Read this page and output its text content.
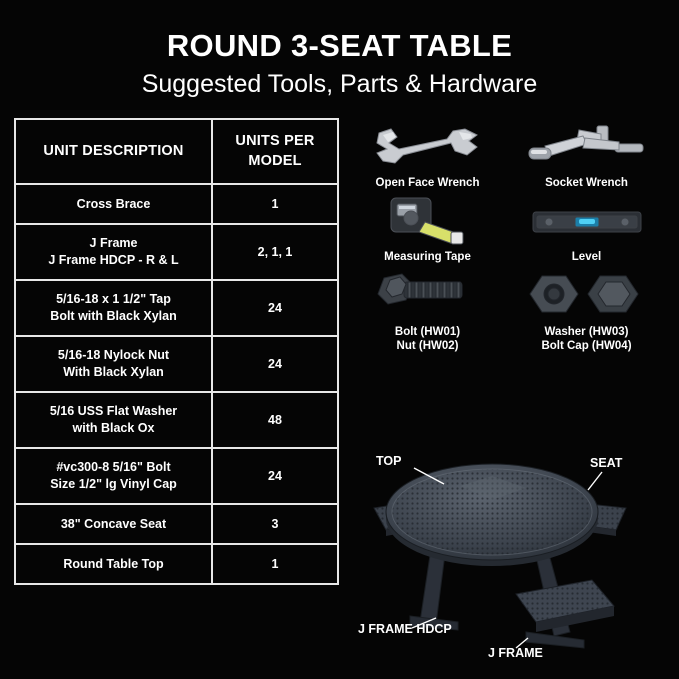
ROUND 3-SEAT TABLE
Suggested Tools, Parts & Hardware
UNIT DESCRIPTION	UNITS PER MODEL
Cross Brace	1
J Frame
J Frame HDCP - R & L	2, 1, 1
5/16-18 x 1 1/2" Tap
Bolt with Black Xylan	24
5/16-18 Nylock Nut
With Black Xylan	24
5/16 USS Flat Washer
with Black Ox	48
#vc300-8 5/16" Bolt
Size 1/2" lg Vinyl Cap	24
38" Concave Seat	3
Round Table Top	1
Open Face Wrench	Socket Wrench
Measuring Tape	Level
Bolt (HW01)
Nut (HW02)
Washer (HW03)
Bolt Cap (HW04)
TOP	SEAT
J FRAME HDCP
J FRAME
